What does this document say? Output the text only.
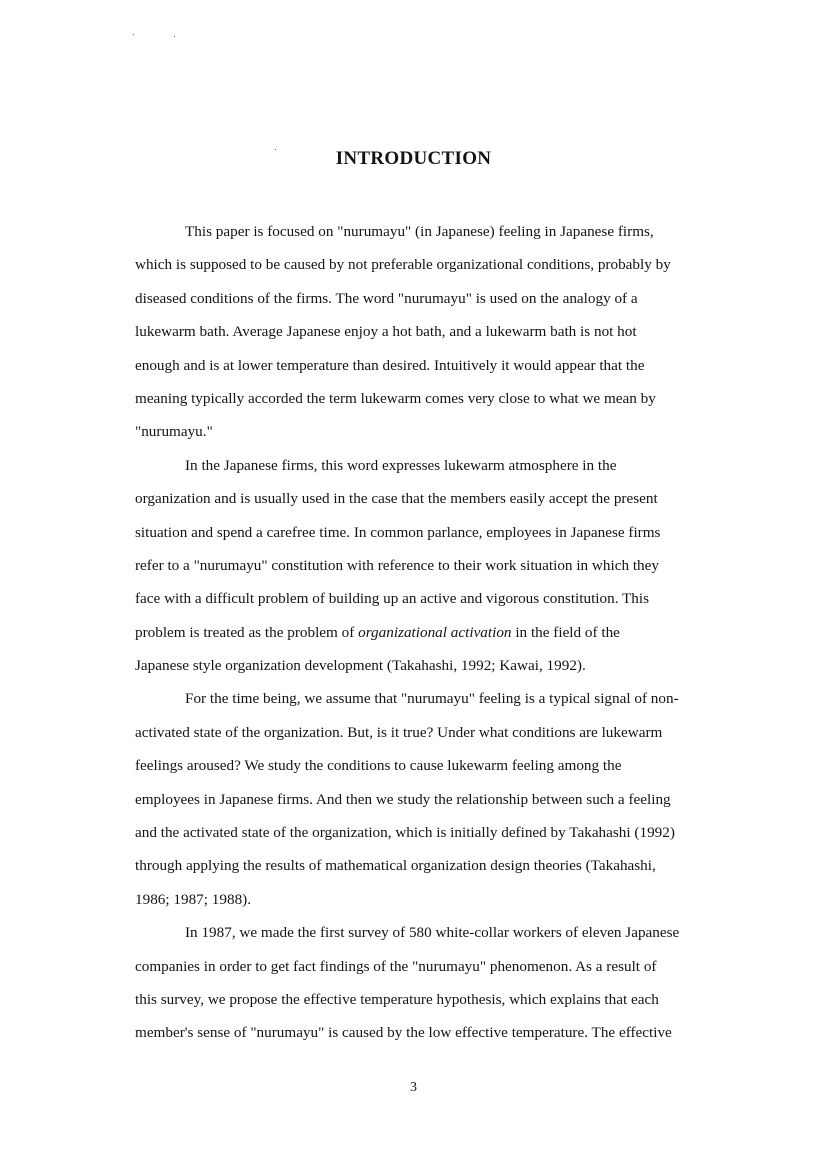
INTRODUCTION
This paper is focused on "nurumayu" (in Japanese) feeling in Japanese firms,
which is supposed to be caused by not preferable organizational conditions, probably by
diseased conditions of the firms. The word "nurumayu" is used on the analogy of a
lukewarm bath. Average Japanese enjoy a hot bath, and a lukewarm bath is not hot
enough and is at lower temperature than desired. Intuitively it would appear that the
meaning typically accorded the term lukewarm comes very close to what we mean by
"nurumayu."
In the Japanese firms, this word expresses lukewarm atmosphere in the
organization and is usually used in the case that the members easily accept the present
situation and spend a carefree time. In common parlance, employees in Japanese firms
refer to a "nurumayu" constitution with reference to their work situation in which they
face with a difficult problem of building up an active and vigorous constitution. This
problem is treated as the problem of organizational activation in the field of the
Japanese style organization development (Takahashi, 1992; Kawai, 1992).
For the time being, we assume that "nurumayu" feeling is a typical signal of non-
activated state of the organization. But, is it true? Under what conditions are lukewarm
feelings aroused? We study the conditions to cause lukewarm feeling among the
employees in Japanese firms. And then we study the relationship between such a feeling
and the activated state of the organization, which is initially defined by Takahashi (1992)
through applying the results of mathematical organization design theories (Takahashi,
1986; 1987; 1988).
In 1987, we made the first survey of 580 white-collar workers of eleven Japanese
companies in order to get fact findings of the "nurumayu" phenomenon. As a result of
this survey, we propose the effective temperature hypothesis, which explains that each
member's sense of "nurumayu" is caused by the low effective temperature. The effective
3
